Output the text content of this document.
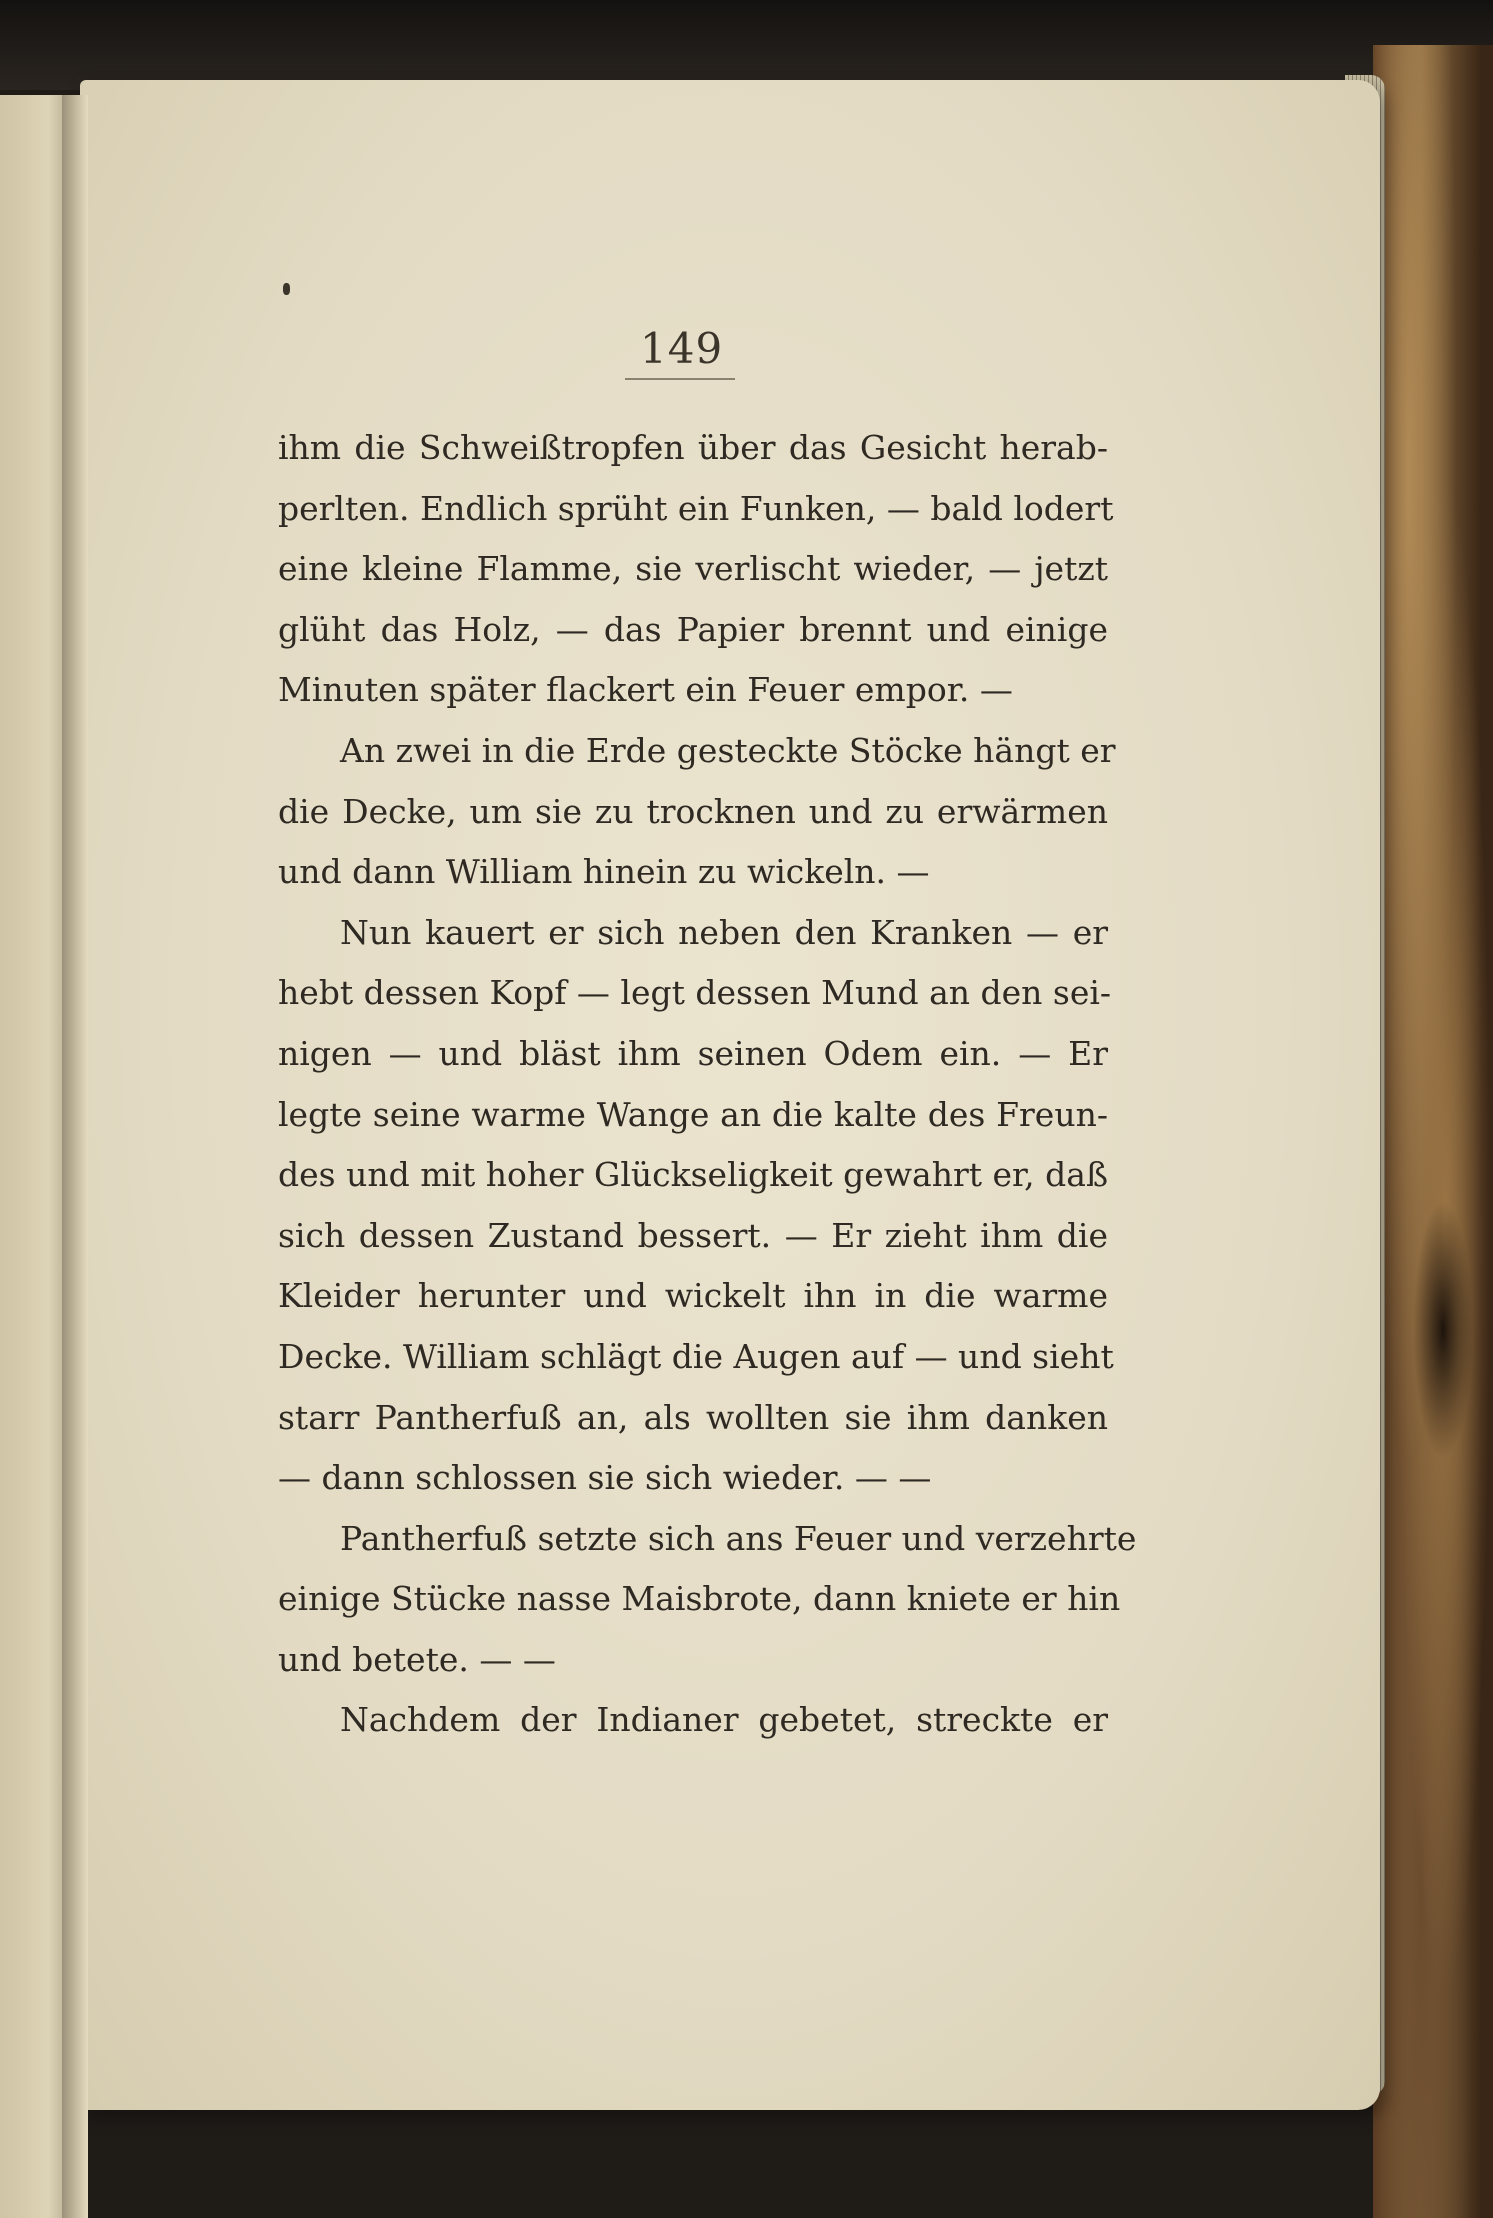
149

ihm die Schweißtropfen über das Gesicht herab-
perlten. Endlich sprüht ein Funken, — bald lodert
eine kleine Flamme, sie verlischt wieder, — jetzt
glüht das Holz, — das Papier brennt und einige
Minuten später flackert ein Feuer empor. —
An zwei in die Erde gesteckte Stöcke hängt er
die Decke, um sie zu trocknen und zu erwärmen
und dann William hinein zu wickeln. —
Nun kauert er sich neben den Kranken — er
hebt dessen Kopf — legt dessen Mund an den sei-
nigen — und bläst ihm seinen Odem ein. — Er
legte seine warme Wange an die kalte des Freun-
des und mit hoher Glückseligkeit gewahrt er, daß
sich dessen Zustand bessert. — Er zieht ihm die
Kleider herunter und wickelt ihn in die warme
Decke. William schlägt die Augen auf — und sieht
starr Pantherfuß an, als wollten sie ihm danken
— dann schlossen sie sich wieder. — —
Pantherfuß setzte sich ans Feuer und verzehrte
einige Stücke nasse Maisbrote, dann kniete er hin
und betete. — —
Nachdem der Indianer gebetet, streckte er
